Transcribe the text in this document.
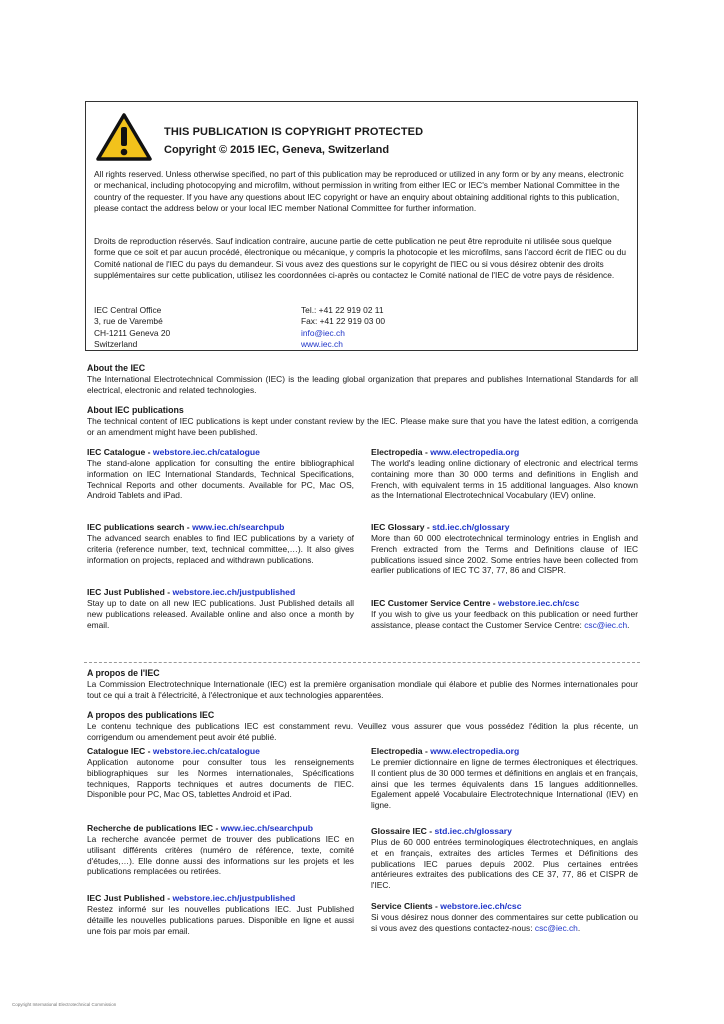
THIS PUBLICATION IS COPYRIGHT PROTECTED
Copyright © 2015 IEC, Geneva, Switzerland

All rights reserved. Unless otherwise specified, no part of this publication may be reproduced or utilized in any form or by any means, electronic or mechanical, including photocopying and microfilm, without permission in writing from either IEC or IEC's member National Committee in the country of the requester. If you have any questions about IEC copyright or have an enquiry about obtaining additional rights to this publication, please contact the address below or your local IEC member National Committee for further information.

Droits de reproduction réservés. Sauf indication contraire, aucune partie de cette publication ne peut être reproduite ni utilisée sous quelque forme que ce soit et par aucun procédé, électronique ou mécanique, y compris la photocopie et les microfilms, sans l'accord écrit de l'IEC ou du Comité national de l'IEC du pays du demandeur. Si vous avez des questions sur le copyright de l'IEC ou si vous désirez obtenir des droits supplémentaires sur cette publication, utilisez les coordonnées ci-après ou contactez le Comité national de l'IEC de votre pays de résidence.

IEC Central Office
3, rue de Varembé
CH-1211 Geneva 20
Switzerland
Tel.: +41 22 919 02 11
Fax: +41 22 919 03 00
info@iec.ch
www.iec.ch
About the IEC

The International Electrotechnical Commission (IEC) is the leading global organization that prepares and publishes International Standards for all electrical, electronic and related technologies.

About IEC publications

The technical content of IEC publications is kept under constant review by the IEC. Please make sure that you have the latest edition, a corrigenda or an amendment might have been published.

IEC Catalogue - webstore.iec.ch/catalogue

The stand-alone application for consulting the entire bibliographical information on IEC International Standards, Technical Specifications, Technical Reports and other documents. Available for PC, Mac OS, Android Tablets and iPad.

IEC publications search - www.iec.ch/searchpub

The advanced search enables to find IEC publications by a variety of criteria (reference number, text, technical committee,…). It also gives information on projects, replaced and withdrawn publications.

IEC Just Published - webstore.iec.ch/justpublished

Stay up to date on all new IEC publications. Just Published details all new publications released. Available online and also once a month by email.

Electropedia - www.electropedia.org

The world's leading online dictionary of electronic and electrical terms containing more than 30 000 terms and definitions in English and French, with equivalent terms in 15 additional languages. Also known as the International Electrotechnical Vocabulary (IEV) online.

IEC Glossary - std.iec.ch/glossary

More than 60 000 electrotechnical terminology entries in English and French extracted from the Terms and Definitions clause of IEC publications issued since 2002. Some entries have been collected from earlier publications of IEC TC 37, 77, 86 and CISPR.

IEC Customer Service Centre - webstore.iec.ch/csc

If you wish to give us your feedback on this publication or need further assistance, please contact the Customer Service Centre: csc@iec.ch.

A propos de l'IEC

La Commission Electrotechnique Internationale (IEC) est la première organisation mondiale qui élabore et publie des Normes internationales pour tout ce qui a trait à l'électricité, à l'électronique et aux technologies apparentées.

A propos des publications IEC

Le contenu technique des publications IEC est constamment revu. Veuillez vous assurer que vous possédez l'édition la plus récente, un corrigendum ou amendement peut avoir été publié.

Catalogue IEC - webstore.iec.ch/catalogue

Application autonome pour consulter tous les renseignements bibliographiques sur les Normes internationales, Spécifications techniques, Rapports techniques et autres documents de l'IEC. Disponible pour PC, Mac OS, tablettes Android et iPad.

Recherche de publications IEC - www.iec.ch/searchpub

La recherche avancée permet de trouver des publications IEC en utilisant différents critères (numéro de référence, texte, comité d'études,…). Elle donne aussi des informations sur les projets et les publications remplacées ou retirées.

IEC Just Published - webstore.iec.ch/justpublished

Restez informé sur les nouvelles publications IEC. Just Published détaille les nouvelles publications parues. Disponible en ligne et aussi une fois par mois par email.

Electropedia - www.electropedia.org

Le premier dictionnaire en ligne de termes électroniques et électriques. Il contient plus de 30 000 termes et définitions en anglais et en français, ainsi que les termes équivalents dans 15 langues additionnelles. Egalement appelé Vocabulaire Electrotechnique International (IEV) en ligne.

Glossaire IEC - std.iec.ch/glossary

Plus de 60 000 entrées terminologiques électrotechniques, en anglais et en français, extraites des articles Termes et Définitions des publications IEC parues depuis 2002. Plus certaines entrées antérieures extraites des publications des CE 37, 77, 86 et CISPR de l'IEC.

Service Clients - webstore.iec.ch/csc

Si vous désirez nous donner des commentaires sur cette publication ou si vous avez des questions contactez-nous: csc@iec.ch.

Copyright International Electrotechnical Commission
